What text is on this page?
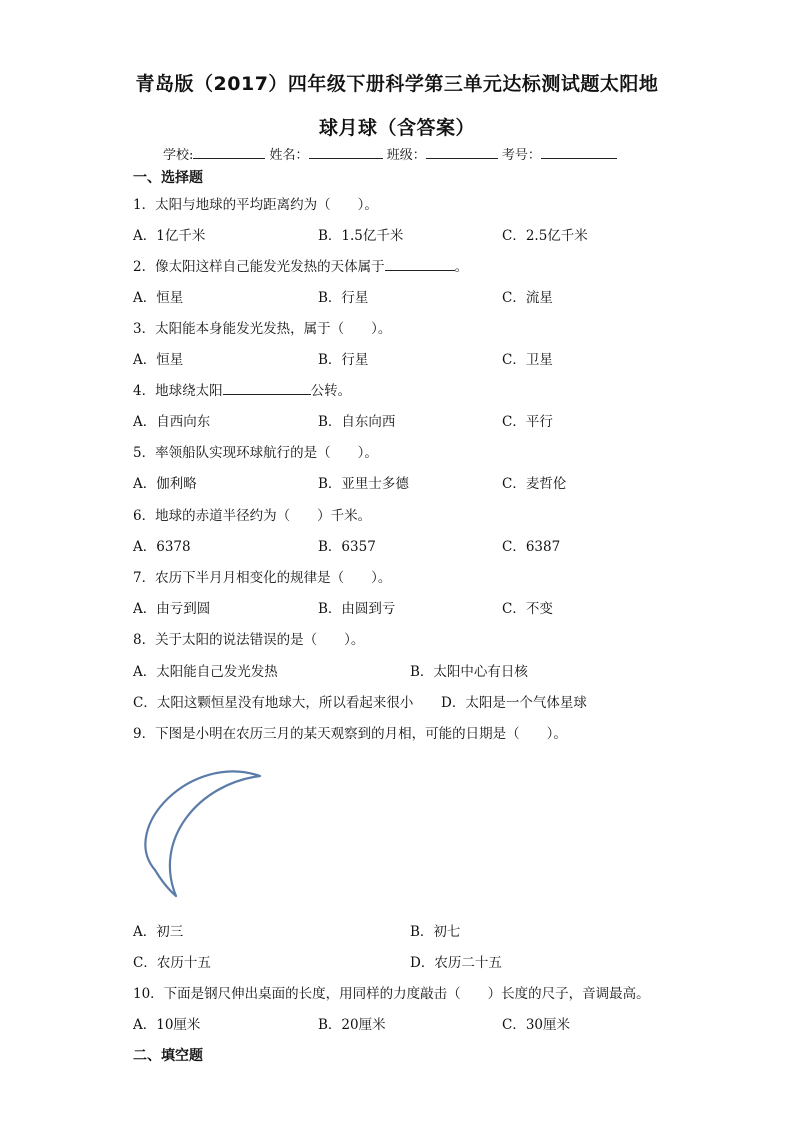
青岛版（2017）四年级下册科学第三单元达标测试题太阳地
球月球（含答案）
学校:	姓名：	班级：	考号：
一、选择题
1．太阳与地球的平均距离约为（　　）。
A．1亿千米	B．1.5亿千米	C．2.5亿千米
2．像太阳这样自己能发光发热的天体属于	。
A．恒星	B．行星	C．流星
3．太阳能本身能发光发热，属于（　　）。
A．恒星	B．行星	C．卫星
4．地球绕太阳	公转。
A．自西向东	B．自东向西	C．平行
5．率领船队实现环球航行的是（　　）。
A．伽利略	B．亚里士多德	C．麦哲伦
6．地球的赤道半径约为（　　）千米。
A．6378	B．6357	C．6387
7．农历下半月月相变化的规律是（　　）。
A．由亏到圆	B．由圆到亏	C．不变
8．关于太阳的说法错误的是（　　）。
A．太阳能自己发光发热	B．太阳中心有日核
C．太阳这颗恒星没有地球大，所以看起来很小 D．太阳是一个气体星球
9．下图是小明在农历三月的某天观察到的月相，可能的日期是（　　）。
A．初三	B．初七
C．农历十五	D．农历二十五
10．下面是钢尺伸出桌面的长度，用同样的力度敲击（　　）长度的尺子，音调最高。
A．10厘米	B．20厘米	C．30厘米
二、填空题
